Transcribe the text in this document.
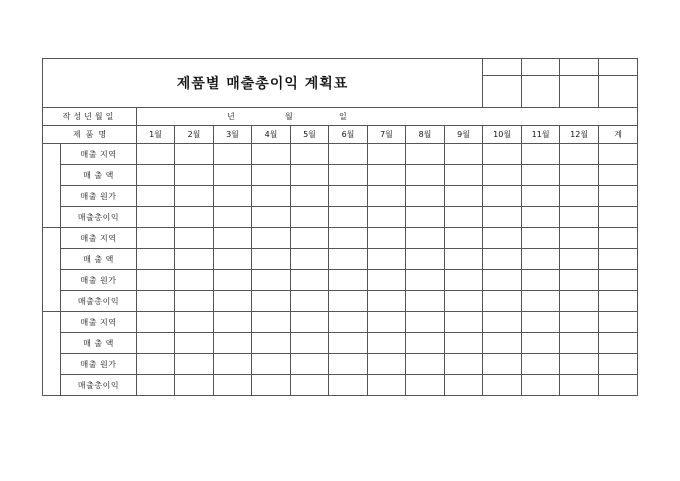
제품별 매출총이익 계획표														

작성년월일		년 월 일												
제  품  명		1월	2월	3월	4월	5월	6월	7월	8월	9월	10월	11월	12월	계
	매출 지역													
	매 출 액													
	매출 원가													
	매출총이익													
	매출 지역													
	매 출 액													
	매출 원가													
	매출총이익													
	매출 지역													
	매 출 액													
	매출 원가													
	매출총이익													
